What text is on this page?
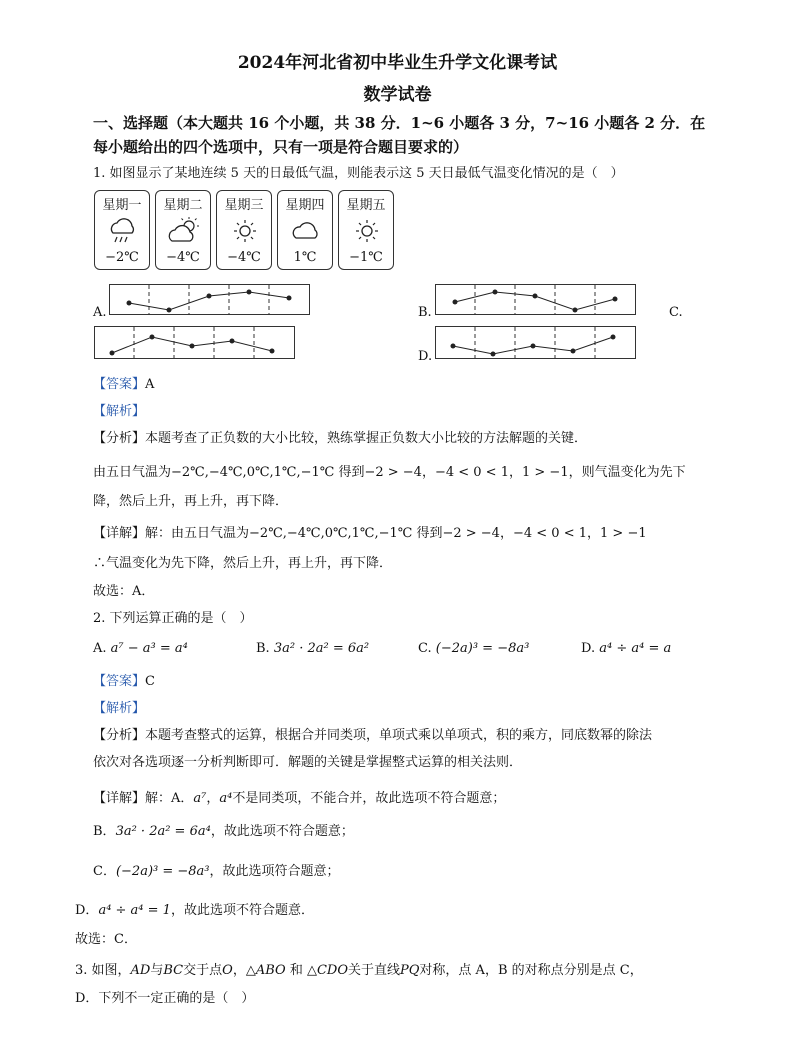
2024年河北省初中毕业生升学文化课考试
数学试卷
一、选择题（本大题共 16 个小题，共 38 分．1~6 小题各 3 分，7~16 小题各 2 分．在
每小题给出的四个选项中，只有一项是符合题目要求的）
1. 如图显示了某地连续 5 天的日最低气温，则能表示这 5 天日最低气温变化情况的是（　）
星期一
−2℃
星期二
−4℃
星期三
−4℃
星期四
1℃
星期五
−1℃
A.	B.	C.
D.
【答案】A
【解析】
【分析】本题考查了正负数的大小比较，熟练掌握正负数大小比较的方法解题的关键．
由五日气温为−2℃,−4℃,0℃,1℃,−1℃ 得到−2 > −4，−4 < 0 < 1，1 > −1，则气温变化为先下
降，然后上升，再上升，再下降．
【详解】解：由五日气温为−2℃,−4℃,0℃,1℃,−1℃ 得到−2 > −4，−4 < 0 < 1，1 > −1
∴气温变化为先下降，然后上升，再上升，再下降．
故选：A．
2. 下列运算正确的是（　）
A. a⁷ − a³ = a⁴	B. 3a² · 2a² = 6a²	C. (−2a)³ = −8a³	D. a⁴ ÷ a⁴ = a
【答案】C
【解析】
【分析】本题考查整式的运算，根据合并同类项，单项式乘以单项式，积的乘方，同底数幂的除法
依次对各选项逐一分析判断即可．解题的关键是掌握整式运算的相关法则．
【详解】解：A．a⁷，a⁴不是同类项，不能合并，故此选项不符合题意；
B．3a² · 2a² = 6a⁴，故此选项不符合题意；
C．(−2a)³ = −8a³，故此选项符合题意；
D．a⁴ ÷ a⁴ = 1，故此选项不符合题意．
故选：C．
3. 如图，AD与BC交于点O，△ABO 和 △CDO关于直线PQ对称，点 A，B 的对称点分别是点 C，
D．下列不一定正确的是（　）
